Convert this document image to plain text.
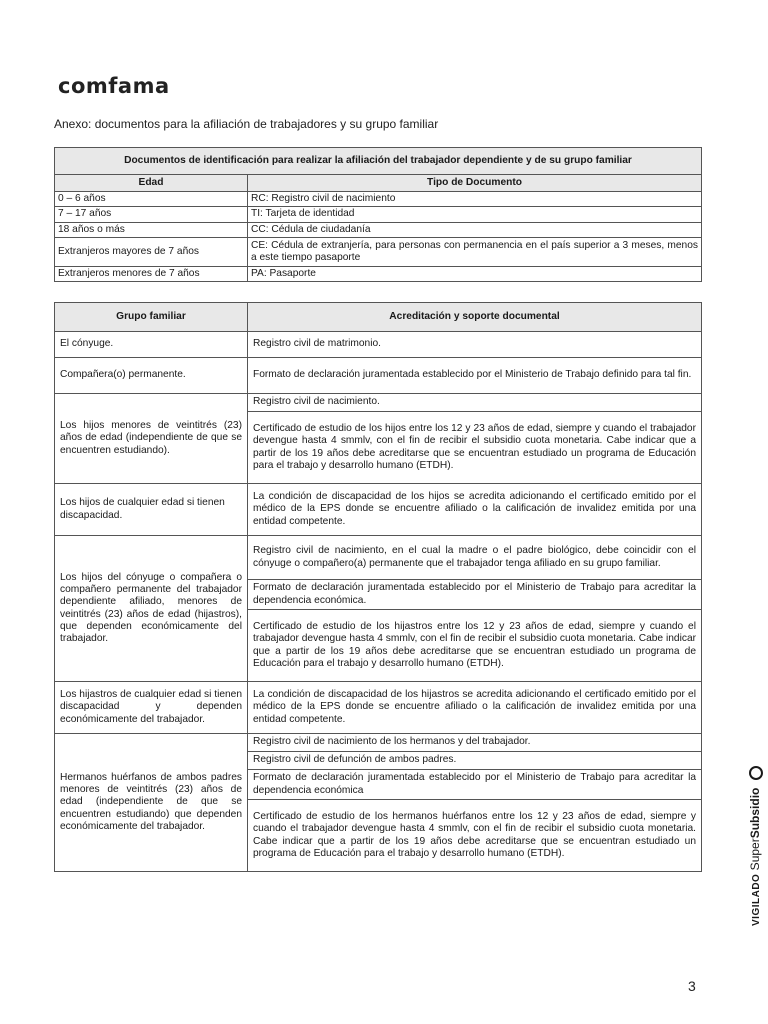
comfama
Anexo: documentos para la afiliación de trabajadores y su grupo familiar
Documentos de identificación para realizar la afiliación del trabajador dependiente y de su grupo familiar	
Edad	Tipo de Documento
0 – 6 años	RC: Registro civil de nacimiento
7 – 17 años	TI: Tarjeta de identidad
18 años o más	CC: Cédula de ciudadanía
Extranjeros mayores de 7 años	CE: Cédula de extranjería, para personas con permanencia en el país superior a 3 meses, menos a este tiempo pasaporte
Extranjeros menores de 7 años	PA: Pasaporte
Grupo familiar	Acreditación y soporte documental
El cónyuge.	Registro civil de matrimonio.
Compañera(o) permanente.	Formato de declaración juramentada establecido por el Ministerio de Trabajo definido para tal fin.
Los hijos menores de veintitrés (23) años de edad (independiente de que se encuentren estudiando).	Registro civil de nacimiento.
	Certificado de estudio de los hijos entre los 12 y 23 años de edad, siempre y cuando el trabajador devengue hasta 4 smmlv, con el fin de recibir el subsidio cuota monetaria. Cabe indicar que a partir de los 19 años debe acreditarse que se encuentran estudiado un programa de Educación para el trabajo y desarrollo humano (ETDH).
Los hijos de cualquier edad si tienen discapacidad.	La condición de discapacidad de los hijos se acredita adicionando el certificado emitido por el médico de la EPS donde se encuentre afiliado o la calificación de invalidez emitida por una entidad competente.
Los hijos del cónyuge o compañera o compañero permanente del trabajador dependiente afiliado, menores de veintitrés (23) años de edad (hijastros), que dependen económicamente del trabajador.	Registro civil de nacimiento, en el cual la madre o el padre biológico, debe coincidir con el cónyuge o compañero(a) permanente que el trabajador tenga afiliado en su grupo familiar.
	Formato de declaración juramentada establecido por el Ministerio de Trabajo para acreditar la dependencia económica.
	Certificado de estudio de los hijastros entre los 12 y 23 años de edad, siempre y cuando el trabajador devengue hasta 4 smmlv, con el fin de recibir el subsidio cuota monetaria. Cabe indicar que a partir de los 19 años debe acreditarse que se encuentran estudiado un programa de Educación para el trabajo y desarrollo humano (ETDH).
Los hijastros de cualquier edad si tienen discapacidad y dependen económicamente del trabajador.	La condición de discapacidad de los hijastros se acredita adicionando el certificado emitido por el médico de la EPS donde se encuentre afiliado o la calificación de invalidez emitida por una entidad competente.
Hermanos huérfanos de ambos padres menores de veintitrés (23) años de edad (independiente de que se encuentren estudiando) que dependen económicamente del trabajador.	Registro civil de nacimiento de los hermanos y del trabajador.
	Registro civil de defunción de ambos padres.
	Formato de declaración juramentada establecido por el Ministerio de Trabajo para acreditar la dependencia económica
	Certificado de estudio de los hermanos huérfanos entre los 12 y 23 años de edad, siempre y cuando el trabajador devengue hasta 4 smmlv, con el fin de recibir el subsidio cuota monetaria. Cabe indicar que a partir de los 19 años debe acreditarse que se encuentran estudiado un programa de Educación para el trabajo y desarrollo humano (ETDH).
VIGILADO SuperSubsidio
3
